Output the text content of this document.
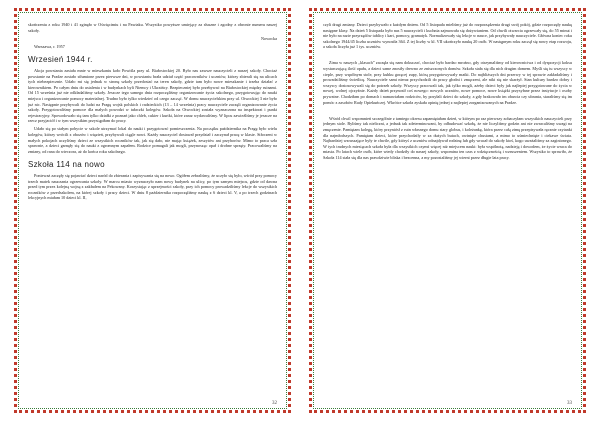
skończeniu z roku 1940 i 41 zginęło w Oświęcimiu i na Pawiaku. Wszystko powyższe umiejący za słuszne i zgodny z obronie numeru naszej szkoły.

Nowocka

Warszawa, r. 1957

Wrzesień 1944 r.

Akcja powstania zastała mnie w mieszkaniu koło Powiśla przy ul. Białostockiej 20. Było nas zawsze nauczycieli z naszej szkoły. Chociaż powstanie na Pradze zostało stłumione przez pierwsze dni, w powstaniu brała udział część pracowników i uczniów, którzy zbierali się na ulicach tych niebezpiecznie. Udało mi się jednak w stronę szkoły przedostać na teren szkoły, gdzie tam było nowe mieszkanie i trzeba działać z kierownikiem. Po całym dniu do ustalenia i w budynkach byli Niemcy i Ukraińcy. Bezpieczniej było przebywać na Białostockiej między ruinami. Od 15 września już nie odkładaliśmy szkoły. Jeszcze tego samego dnia rozpoczęliśmy organizowanie życia szkolnego, przygotowując do nauki miejsca i organizowanie pomocy materialnej. Trudno było tylko wiedzieć od czego zacząć. W domu nauczycielskim przy ul. Otwockiej 3 nie było już nic. Następnie przybywali do ludzi na Pragę wojsk polskich i radzieckich (13 – 14 września) pracy nauczyciele zaczęli organizowanie życia szkoły. Przygotowaliśmy pomoce dla małych powodzi w tułaczki kolegów. Szkoła na Otwockiej została wyznaczona na inspektorat i punkt rejestracyjny. Spowodowało się tam tylko działki z poznań jako chleb, cukier i kurtki, które zaraz wydawaliśmy. W lipcu zawieźliśmy je jeszcze na rzecz przyjaciół i w tym wszystkim przystąpiłam do pracy.

Udało się po stałym pobycie w szkole utrzymać lokal do nauki i przygotować pomieszczenia. Na początku października na Pragę było wielu kolegów, którzy wrócili z obozów i więzień, przybywali ciągle nowi. Każdy nauczyciel dostawał przydział i zaczynał pracę w klasie. Stłoczeni w małych pokojach uczyliśmy dzieci ze wszystkich roczników tak, jak się dało, nie mając książek, zeszytów ani przyborów. Mimo to praca szła sprawnie, a dzieci garnęły się do nauki z ogromnym zapałem. Rodzice pomagali jak mogli, przynosząc opał i drobne sprzęty. Pracowaliśmy na zmiany, od rana do wieczora, aż do końca roku szkolnego.

Szkoła 114 na nowo

Ponieważ zaczęły się pojawiać dzieci naród do zbierania i zapisywania się na nowo. Ogółem zebraliśmy, że uczyło się było, wśród przy pomocy trzech matek nauczania ogrzewania szkoły. W marcu miasto wyznaczyło nam nowy budynek na ulicy, po tym samym miejscu, gdzie od dawna przed tym przez kolejną wojną z zakładem na Pekowany. Korzystając z uprzejmości szkoły, przy ich pomocy prowadziliśmy lekcje do wszystkich roczników z przedszkolem, na której szkoły i pracy dzieci. W dniu 8 października rozpoczęliśmy naukę z 6 dzieci kl. V, a po trzech godzinach lekcyjnych miałam 10 dzieci kl. II,

32

czyli drugi zmiany. Dzieci przybywało z każdym dniem. Od 5 listopada mieliśmy już do rozporządzenia drugi swój pokój, gdzie rozpoczęły naukę następne klasy. Na dzień 5 listopada było nas 5 nauczycieli i kuchnia zajmowała się dożywianiem. Od chwili otwarcia ogrzewały się, do 55 minut i nie było na razie przyrządów tablicy i kart, pomocy, gramatyk. Normalizowały się lekcje w nauce, jak przybywały nauczyciele. Główna koniec roku szkolnego 1944/45 liczba uczniów wynosiła 364. Z tej liczby w kl. VII ukończyło naukę 20 osób. W następnym roku zaczął się nowy etap rozwoju, a szkoła liczyła już 1 tys. uczniów.

Zima w naszych „klasach” zaczęła się nam dokuczać, chociaż było bardzo mroźno, gdy otrzymaliśmy od kierownictwa i od dyspozycji koksu wystarczającą ilość opału, a dzieci same znosiły drewno ze zniszczonych domów. Szkoła stała się dla nich drugim domem. Myśli się tu wszyscy w cieple, przy wspólnym stole, przy kubku gorącej zupy, którą przygotowywały matki. Do najbliższych dni przerwy w tej sprawie zakładaliśmy i prowadziliśmy świetlicę. Nauczyciele sami nieraz przychodzili do pracy głodni i zmęczeni, ale nikt się nie skarżył. Stan kultury bardzo dobry i wszyscy dostosowywali się do potrzeb szkoły. Wszyscy pracowali tak, jak tylko mogli, ażeby dzieci były jak najlepiej przygotowane do życia w nowej, wolnej ojczyźnie. Każdy dzień przynosił coś nowego: nowych uczniów, nowe pomoce, nowe książki przysyłane przez instytucje i osoby prywatne. Chodziłam po domach i namawiałam rodziców, by posyłali dzieci do szkoły, a gdy brakowało im obuwia czy ubrania, staraliśmy się im pomóc z zasobów Rady Opiekuńczej. Wkrótce szkoła zyskała opinię jednej z najlepiej zorganizowanych na Pradze.

Wśród chwil wspomnień szczególnie z tamtego okresu zapamiętałam dzień, w którym po raz pierwszy zobaczyłam wszystkich nauczycieli przy jednym stole. Byliśmy tak nieliczni, a jednak tak zdeterminowani, by odbudować szkołę, że nie liczyliśmy godzin ani nie zwracaliśmy uwagi na zmęczenie. Pamiętam kolegę, który przyniósł z ruin własnego domu stary globus, i koleżankę, która przez całą zimę przepisywała ręcznie czytanki dla najmłodszych. Pamiętam dzieci, które przychodziły w za dużych butach, owinięte chustami, a mimo to uśmiechnięte i ciekawe świata. Najbardziej wzruszające były te chwile, gdy któryś z uczniów odnajdywał rodzinę lub gdy wracał do szkoły ktoś, kogo uważaliśmy za zaginionego. W tych trudnych miesiącach szkoła była dla wszystkich czymś więcej niż miejscem nauki: była wspólnotą, nadzieją i dowodem, że życie wraca do miasta. Po latach wiele osób, które wtedy chodziły do naszej szkoły, wspomina ten czas z wdzięcznością i wzruszeniem. Wszystko to sprawiło, że Szkoła 114 stała się dla nas prawdziwie bliska i bezcenna, a my pozostaliśmy jej wierni przez długie lata pracy.

33
